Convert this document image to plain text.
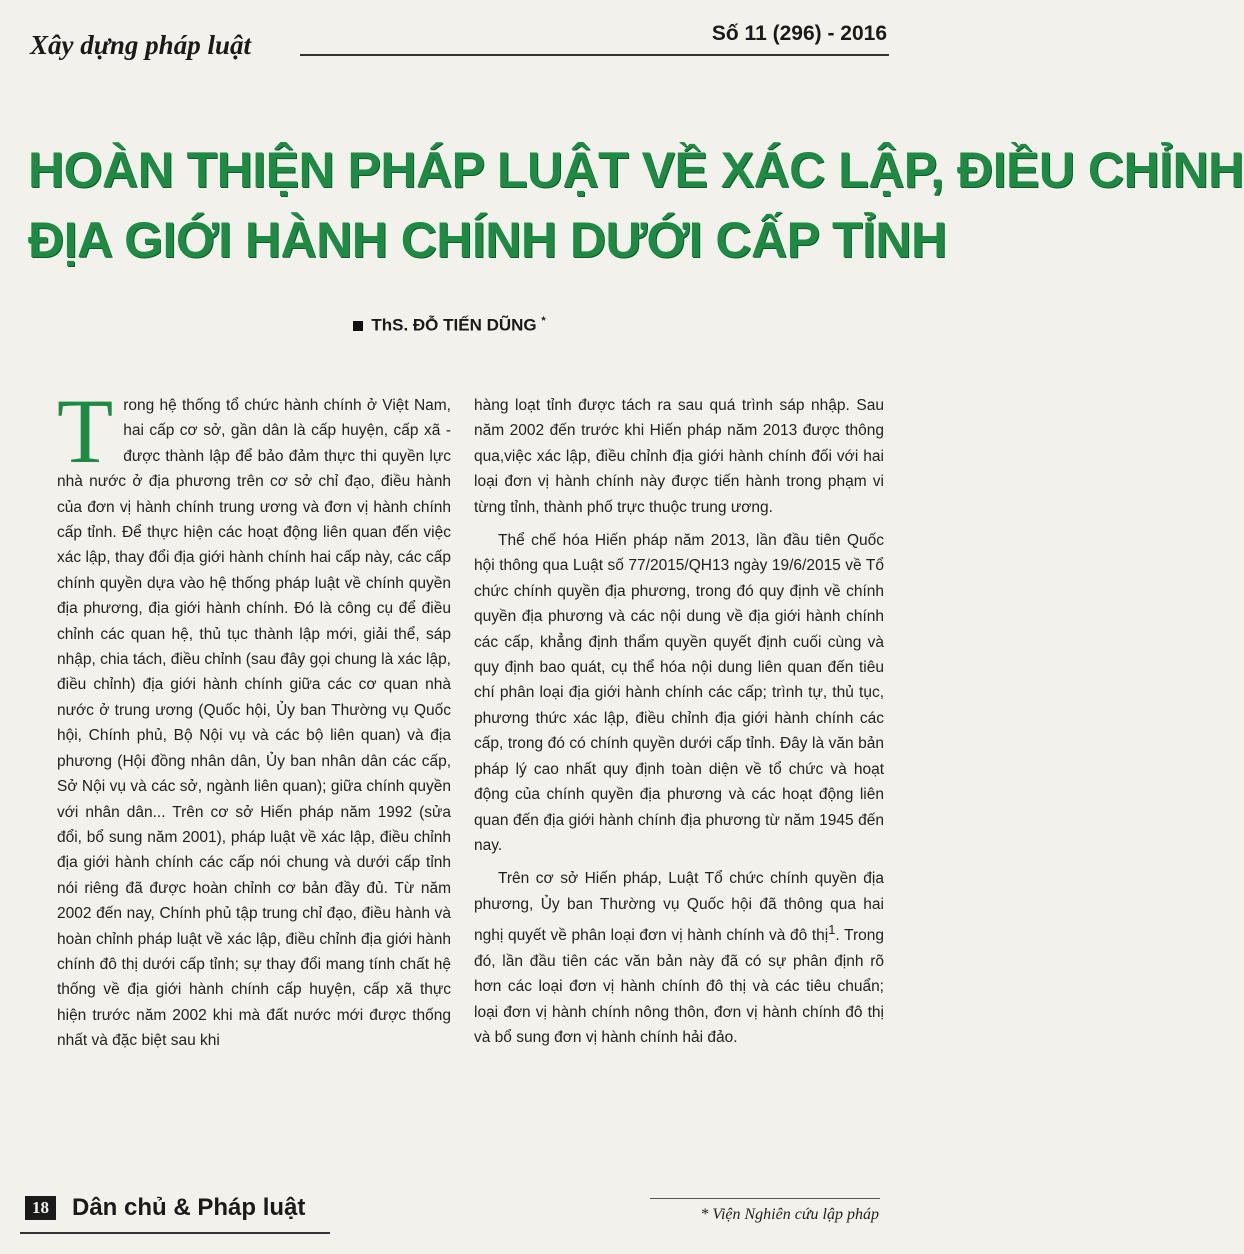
Xây dựng pháp luật	Số 11 (296) - 2016
HOÀN THIỆN PHÁP LUẬT VỀ XÁC LẬP, ĐIỀU CHỈNH
ĐỊA GIỚI HÀNH CHÍNH DƯỚI CẤP TỈNH
ThS. ĐỖ TIẾN DŨNG *

Trong hệ thống tổ chức hành chính ở Việt Nam, hai cấp cơ sở, gần dân là cấp huyện, cấp xã - được thành lập để bảo đảm thực thi quyền lực nhà nước ở địa phương trên cơ sở chỉ đạo, điều hành của đơn vị hành chính trung ương và đơn vị hành chính cấp tỉnh. Để thực hiện các hoạt động liên quan đến việc xác lập, thay đổi địa giới hành chính hai cấp này, các cấp chính quyền dựa vào hệ thống pháp luật về chính quyền địa phương, địa giới hành chính. Đó là công cụ để điều chỉnh các quan hệ, thủ tục thành lập mới, giải thể, sáp nhập, chia tách, điều chỉnh (sau đây gọi chung là xác lập, điều chỉnh) địa giới hành chính giữa các cơ quan nhà nước ở trung ương (Quốc hội, Ủy ban Thường vụ Quốc hội, Chính phủ, Bộ Nội vụ và các bộ liên quan) và địa phương (Hội đồng nhân dân, Ủy ban nhân dân các cấp, Sở Nội vụ và các sở, ngành liên quan); giữa chính quyền với nhân dân... Trên cơ sở Hiến pháp năm 1992 (sửa đổi, bổ sung năm 2001), pháp luật về xác lập, điều chỉnh địa giới hành chính các cấp nói chung và dưới cấp tỉnh nói riêng đã được hoàn chỉnh cơ bản đầy đủ. Từ năm 2002 đến nay, Chính phủ tập trung chỉ đạo, điều hành và hoàn chỉnh pháp luật về xác lập, điều chỉnh địa giới hành chính đô thị dưới cấp tỉnh; sự thay đổi mang tính chất hệ thống về địa giới hành chính cấp huyện, cấp xã thực hiện trước năm 2002 khi mà đất nước mới được thống nhất và đặc biệt sau khi

hàng loạt tỉnh được tách ra sau quá trình sáp nhập. Sau năm 2002 đến trước khi Hiến pháp năm 2013 được thông qua,việc xác lập, điều chỉnh địa giới hành chính đối với hai loại đơn vị hành chính này được tiến hành trong phạm vi từng tỉnh, thành phố trực thuộc trung ương.

Thể chế hóa Hiến pháp năm 2013, lần đầu tiên Quốc hội thông qua Luật số 77/2015/QH13 ngày 19/6/2015 về Tổ chức chính quyền địa phương, trong đó quy định về chính quyền địa phương và các nội dung về địa giới hành chính các cấp, khẳng định thẩm quyền quyết định cuối cùng và quy định bao quát, cụ thể hóa nội dung liên quan đến tiêu chí phân loại địa giới hành chính các cấp; trình tự, thủ tục, phương thức xác lập, điều chỉnh địa giới hành chính các cấp, trong đó có chính quyền dưới cấp tỉnh. Đây là văn bản pháp lý cao nhất quy định toàn diện về tổ chức và hoạt động của chính quyền địa phương và các hoạt động liên quan đến địa giới hành chính địa phương từ năm 1945 đến nay.

Trên cơ sở Hiến pháp, Luật Tổ chức chính quyền địa phương, Ủy ban Thường vụ Quốc hội đã thông qua hai nghị quyết về phân loại đơn vị hành chính và đô thị$^1$. Trong đó, lần đầu tiên các văn bản này đã có sự phân định rõ hơn các loại đơn vị hành chính đô thị và các tiêu chuẩn; loại đơn vị hành chính nông thôn, đơn vị hành chính đô thị và bổ sung đơn vị hành chính hải đảo.

18 Dân chủ & Pháp luật	* Viện Nghiên cứu lập pháp
